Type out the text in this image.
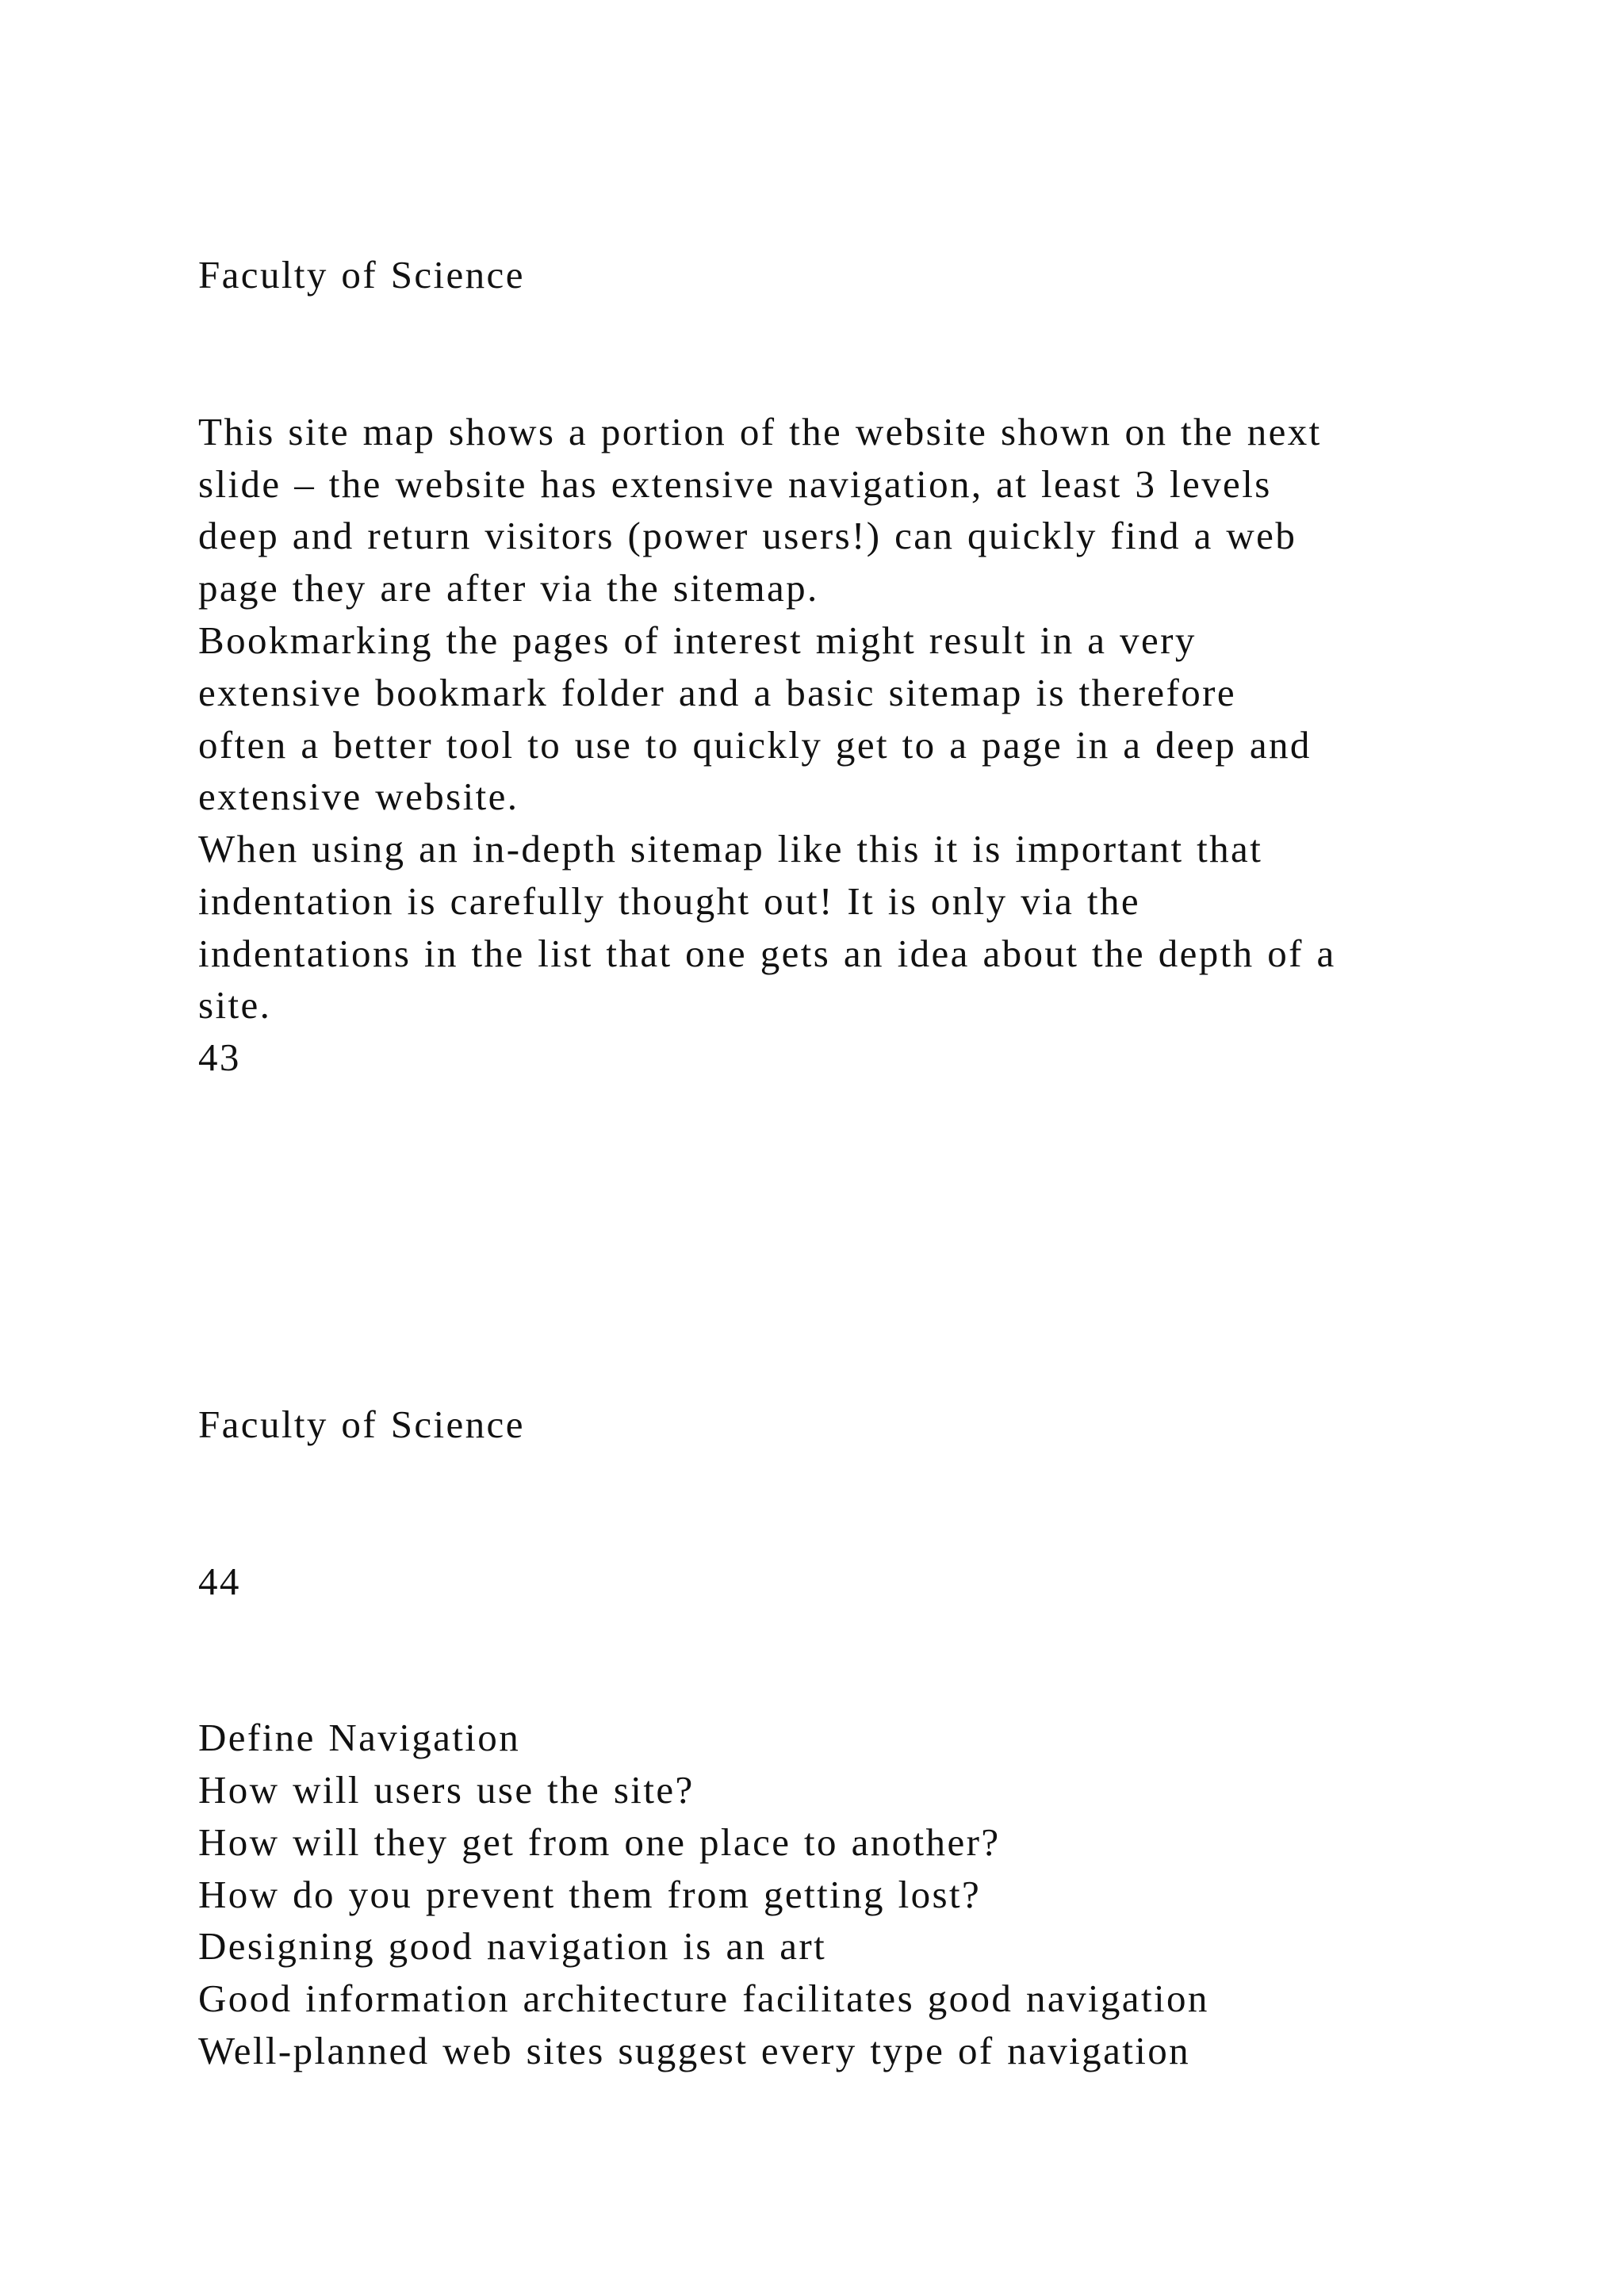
Faculty of Science
This site map shows a portion of the website shown on the next
slide – the website has extensive navigation, at least 3 levels
deep and return visitors (power users!) can quickly find a web
page they are after via the sitemap.
Bookmarking the pages of interest might result in a very
extensive bookmark folder and a basic sitemap is therefore
often a better tool to use to quickly get to a page in a deep and
extensive website.
When using an in-depth sitemap like this it is important that
indentation is carefully thought out! It is only via the
indentations in the list that one gets an idea about the depth of a
site.
43
Faculty of Science
44
Define Navigation
How will users use the site?
How will they get from one place to another?
How do you prevent them from getting lost?
Designing good navigation is an art
Good information architecture facilitates good navigation
Well-planned web sites suggest every type of navigation
